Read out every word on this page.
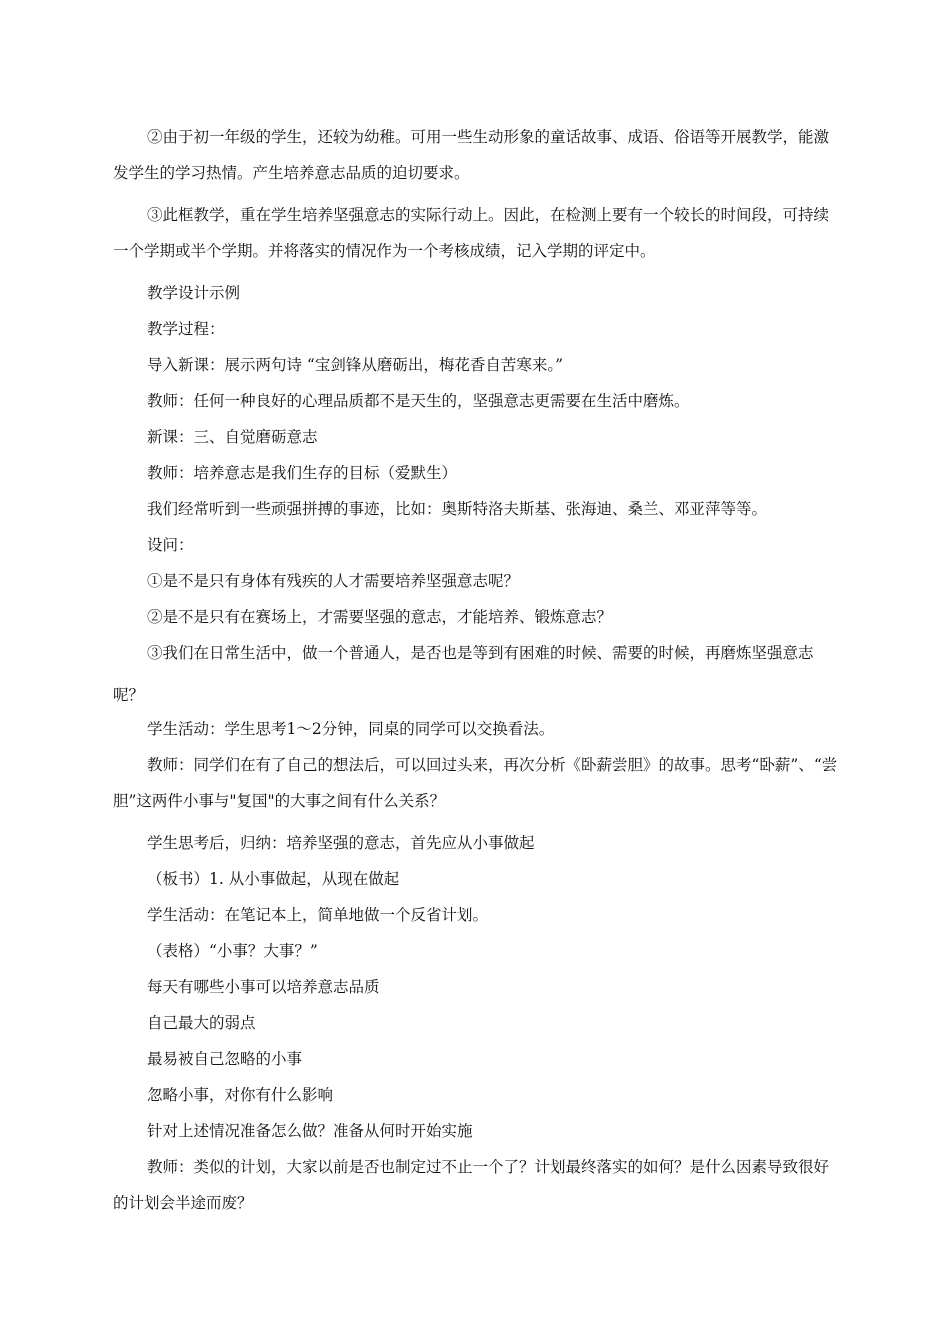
②由于初一年级的学生，还较为幼稚。可用一些生动形象的童话故事、成语、俗语等开展教学，能激发学生的学习热情。产生培养意志品质的迫切要求。

③此框教学，重在学生培养坚强意志的实际行动上。因此，在检测上要有一个较长的时间段，可持续一个学期或半个学期。并将落实的情况作为一个考核成绩，记入学期的评定中。

教学设计示例

教学过程：

导入新课：展示两句诗 “宝剑锋从磨砺出，梅花香自苦寒来。”

教师：任何一种良好的心理品质都不是天生的，坚强意志更需要在生活中磨炼。

新课：三、自觉磨砺意志

教师：培养意志是我们生存的目标（爱默生）

我们经常听到一些顽强拼搏的事迹，比如：奥斯特洛夫斯基、张海迪、桑兰、邓亚萍等等。

设问：

①是不是只有身体有残疾的人才需要培养坚强意志呢？

②是不是只有在赛场上，才需要坚强的意志，才能培养、锻炼意志？

③我们在日常生活中，做一个普通人，是否也是等到有困难的时候、需要的时候，再磨炼坚强意志呢？

学生活动：学生思考1～2分钟，同桌的同学可以交换看法。

教师：同学们在有了自己的想法后，可以回过头来，再次分析《卧薪尝胆》的故事。思考“卧薪”、“尝胆”这两件小事与"复国"的大事之间有什么关系？

学生思考后，归纳：培养坚强的意志，首先应从小事做起

（板书）1. 从小事做起，从现在做起

学生活动：在笔记本上，简单地做一个反省计划。

（表格）“小事？大事？”

每天有哪些小事可以培养意志品质

自己最大的弱点

最易被自己忽略的小事

忽略小事，对你有什么影响

针对上述情况准备怎么做？准备从何时开始实施

教师：类似的计划，大家以前是否也制定过不止一个了？计划最终落实的如何？是什么因素导致很好的计划会半途而废？
